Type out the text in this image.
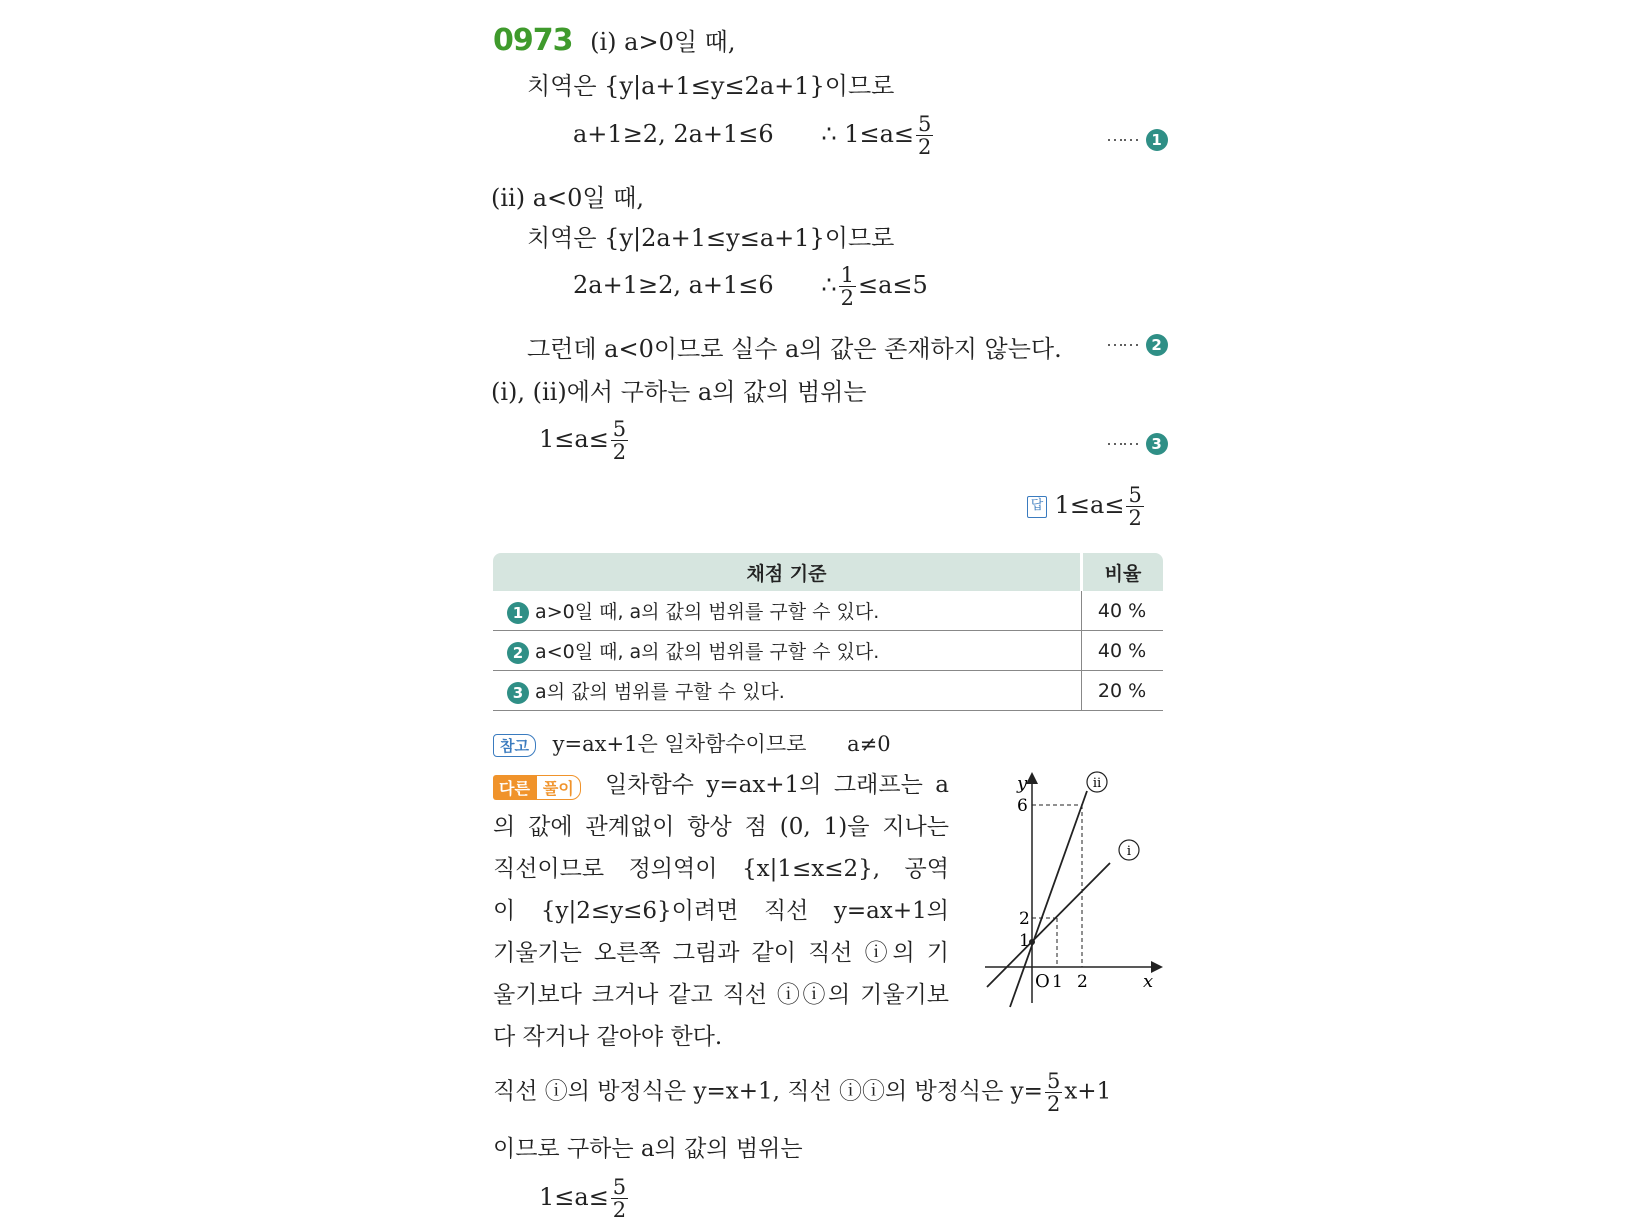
0973 (ⅰ) a>0일 때,
치역은 {y|a+1≤y≤2a+1}이므로
a+1≥2, 2a+1≤6 ∴ $1\le a\le \frac{5}{2}$	⋯⋯ 1
(ⅱ) a<0일 때,
치역은 {y|2a+1≤y≤a+1}이므로
2a+1≥2, a+1≤6 ∴ $\frac{1}{2} \le a\le 5$
그런데 a<0이므로 실수 a의 값은 존재하지 않는다. ⋯⋯ 2
(ⅰ), (ⅱ)에서 구하는 a의 값의 범위는
$1\le a\le \frac{5}{2}$	⋯⋯ 3
답 $1\le a\le \frac{5}{2}$
채점 기준	비율
1 a>0일 때, a의 값의 범위를 구할 수 있다.	40 %
2 a<0일 때, a의 값의 범위를 구할 수 있다.	40 %
3 a의 값의 범위를 구할 수 있다.	20 %
참고 y=ax+1은 일차함수이므로 a≠0
다른 풀이	일차함수 y=ax+1의 그래프는 a
의 값에 관계없이 항상 점 (0, 1)을 지나는
직선이므로 정의역이 {x|1≤x≤2}, 공역
이 {y|2≤y≤6}이려면 직선 y=ax+1의
기울기는 오른쪽 그림과 같이 직선 ⓘ의 기
울기보다 크거나 같고 직선 ⓘⓘ의 기울기보
다 작거나 같아야 한다.
y
x
O 1 2
1
2
6
ⅱ
ⅰ
직선 ⓘ의 방정식은 y=x+1, 직선 ⓘⓘ의 방정식은 $y= \frac{5}{2} x+1$
이므로 구하는 a의 값의 범위는
$1\le a\le \frac{5}{2}$
